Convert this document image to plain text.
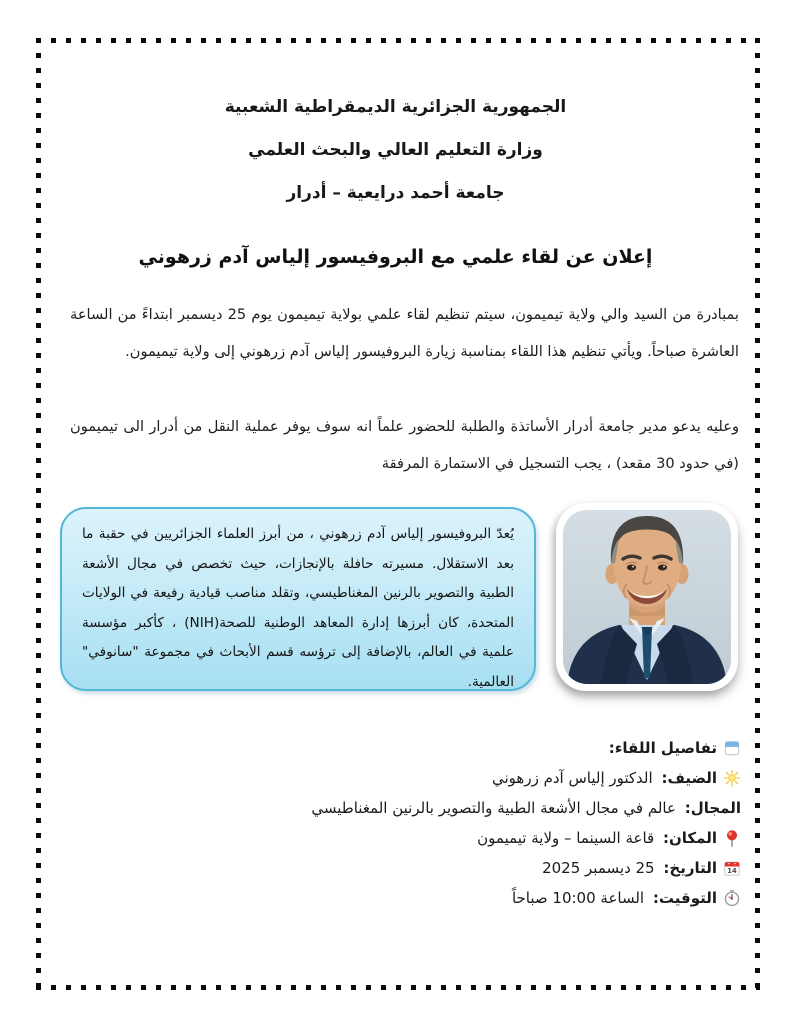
الجمهورية الجزائرية الديمقراطية الشعبية
وزارة التعليم العالي والبحث العلمي
جامعة أحمد درايعية – أدرار
إعلان عن لقاء علمي مع البروفيسور إلياس آدم زرهوني

بمبادرة من السيد والي ولاية تيميمون، سيتم تنظيم لقاء علمي بولاية تيميمون يوم 25 ديسمبر ابتداءً من الساعة العاشرة صباحاً. ويأتي تنظيم هذا اللقاء بمناسبة زيارة البروفيسور إلياس آدم زرهوني إلى ولاية تيميمون.

وعليه يدعو مدير جامعة أدرار الأساتذة والطلبة للحضور علماً انه سوف يوفر عملية النقل من أدرار الى تيميمون (في حدود 30 مقعد) ، يجب التسجيل في الاستمارة المرفقة

يُعدّ البروفيسور إلياس آدم زرهوني ، من أبرز العلماء الجزائريين في حقبة ما بعد الاستقلال. مسيرته حافلة بالإنجازات، حيث تخصص في مجال الأشعة الطبية والتصوير بالرنين المغناطيسي، وتقلد مناصب قيادية رفيعة في الولايات المتحدة، كان أبرزها إدارة المعاهد الوطنية للصحة(NIH) ، كأكبر مؤسسة علمية في العالم، بالإضافة إلى ترؤسه قسم الأبحاث في مجموعة "سانوفي" العالمية.

تفاصيل اللقاء:
الضيف: الدكتور إلياس آدم زرهوني
المجال: عالم في مجال الأشعة الطبية والتصوير بالرنين المغناطيسي
المكان: قاعة السينما – ولاية تيميمون
14
التاريخ: 25 ديسمبر 2025
التوقيت: الساعة 10:00 صباحاً
